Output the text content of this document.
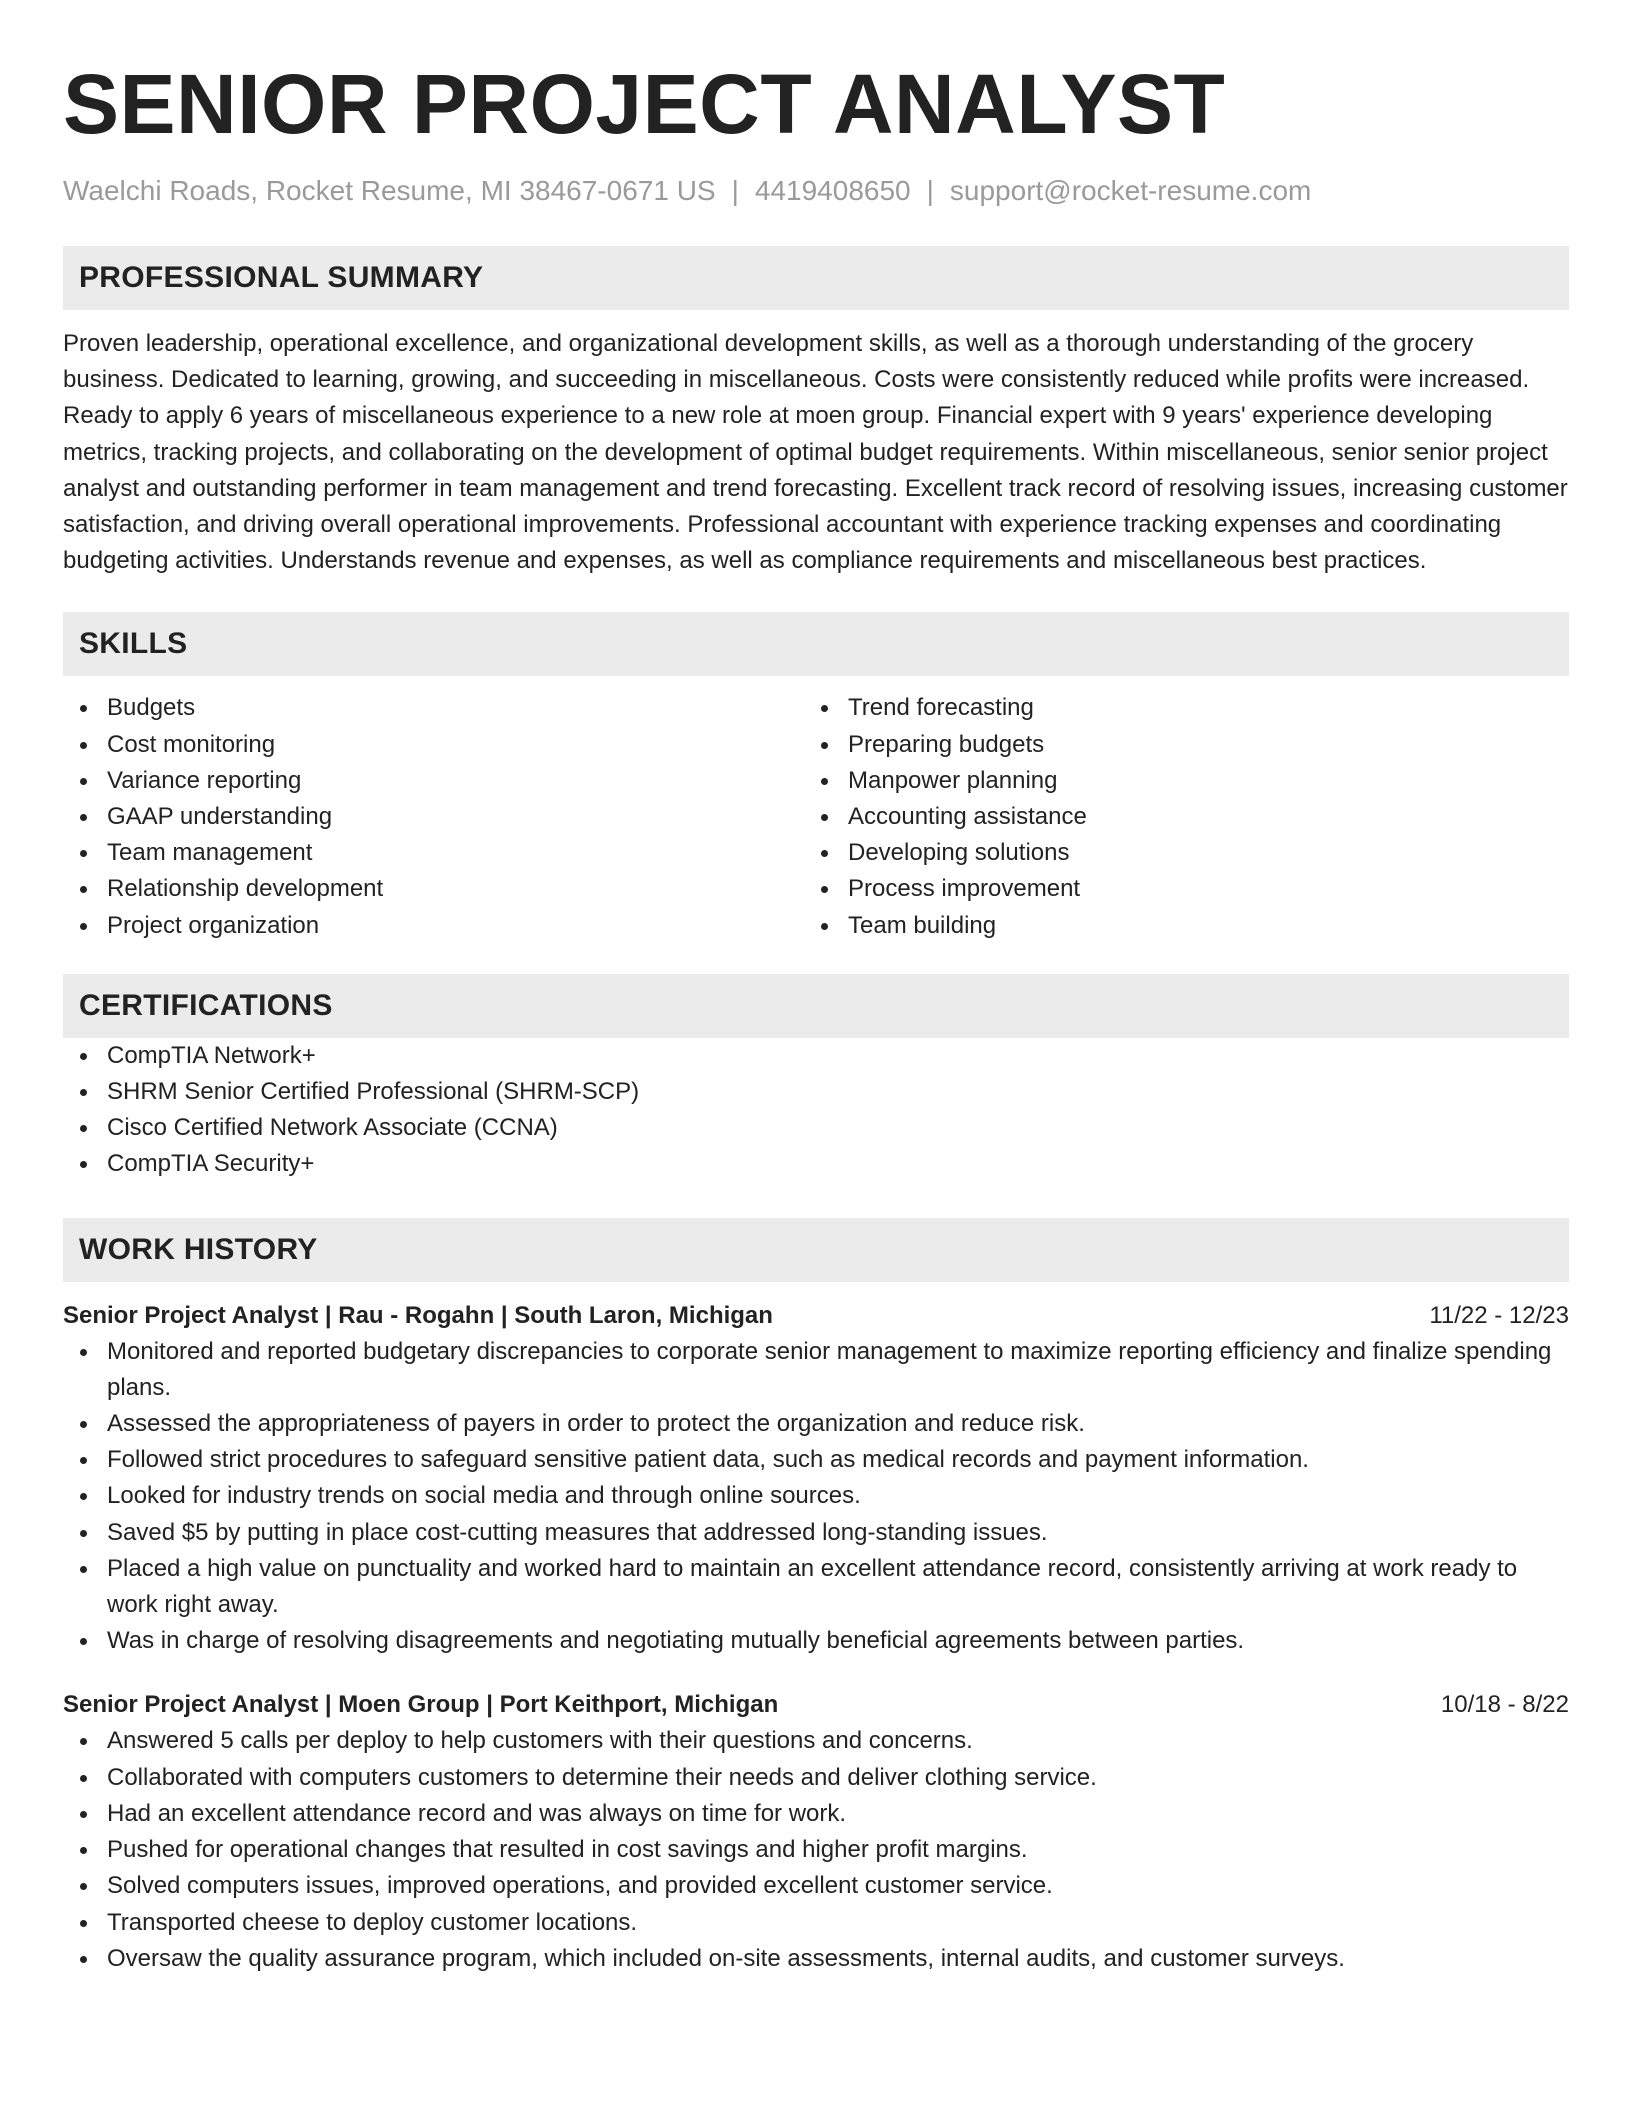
SENIOR PROJECT ANALYST
Waelchi Roads, Rocket Resume, MI 38467-0671 US | 4419408650 | support@rocket-resume.com
PROFESSIONAL SUMMARY

Proven leadership, operational excellence, and organizational development skills, as well as a thorough understanding of the grocery business. Dedicated to learning, growing, and succeeding in miscellaneous. Costs were consistently reduced while profits were increased. Ready to apply 6 years of miscellaneous experience to a new role at moen group. Financial expert with 9 years' experience developing metrics, tracking projects, and collaborating on the development of optimal budget requirements. Within miscellaneous, senior senior project analyst and outstanding performer in team management and trend forecasting. Excellent track record of resolving issues, increasing customer satisfaction, and driving overall operational improvements. Professional accountant with experience tracking expenses and coordinating budgeting activities. Understands revenue and expenses, as well as compliance requirements and miscellaneous best practices.

SKILLS
Budgets
Cost monitoring
Variance reporting
GAAP understanding
Team management
Relationship development
Project organization
Trend forecasting
Preparing budgets
Manpower planning
Accounting assistance
Developing solutions
Process improvement
Team building
CERTIFICATIONS
CompTIA Network+
SHRM Senior Certified Professional (SHRM-SCP)
Cisco Certified Network Associate (CCNA)
CompTIA Security+
WORK HISTORY
Senior Project Analyst | Rau - Rogahn | South Laron, Michigan	11/22 - 12/23
Monitored and reported budgetary discrepancies to corporate senior management to maximize reporting efficiency and finalize spending plans.
Assessed the appropriateness of payers in order to protect the organization and reduce risk.
Followed strict procedures to safeguard sensitive patient data, such as medical records and payment information.
Looked for industry trends on social media and through online sources.
Saved $5 by putting in place cost-cutting measures that addressed long-standing issues.
Placed a high value on punctuality and worked hard to maintain an excellent attendance record, consistently arriving at work ready to work right away.
Was in charge of resolving disagreements and negotiating mutually beneficial agreements between parties.
Senior Project Analyst | Moen Group | Port Keithport, Michigan	10/18 - 8/22
Answered 5 calls per deploy to help customers with their questions and concerns.
Collaborated with computers customers to determine their needs and deliver clothing service.
Had an excellent attendance record and was always on time for work.
Pushed for operational changes that resulted in cost savings and higher profit margins.
Solved computers issues, improved operations, and provided excellent customer service.
Transported cheese to deploy customer locations.
Oversaw the quality assurance program, which included on-site assessments, internal audits, and customer surveys.
